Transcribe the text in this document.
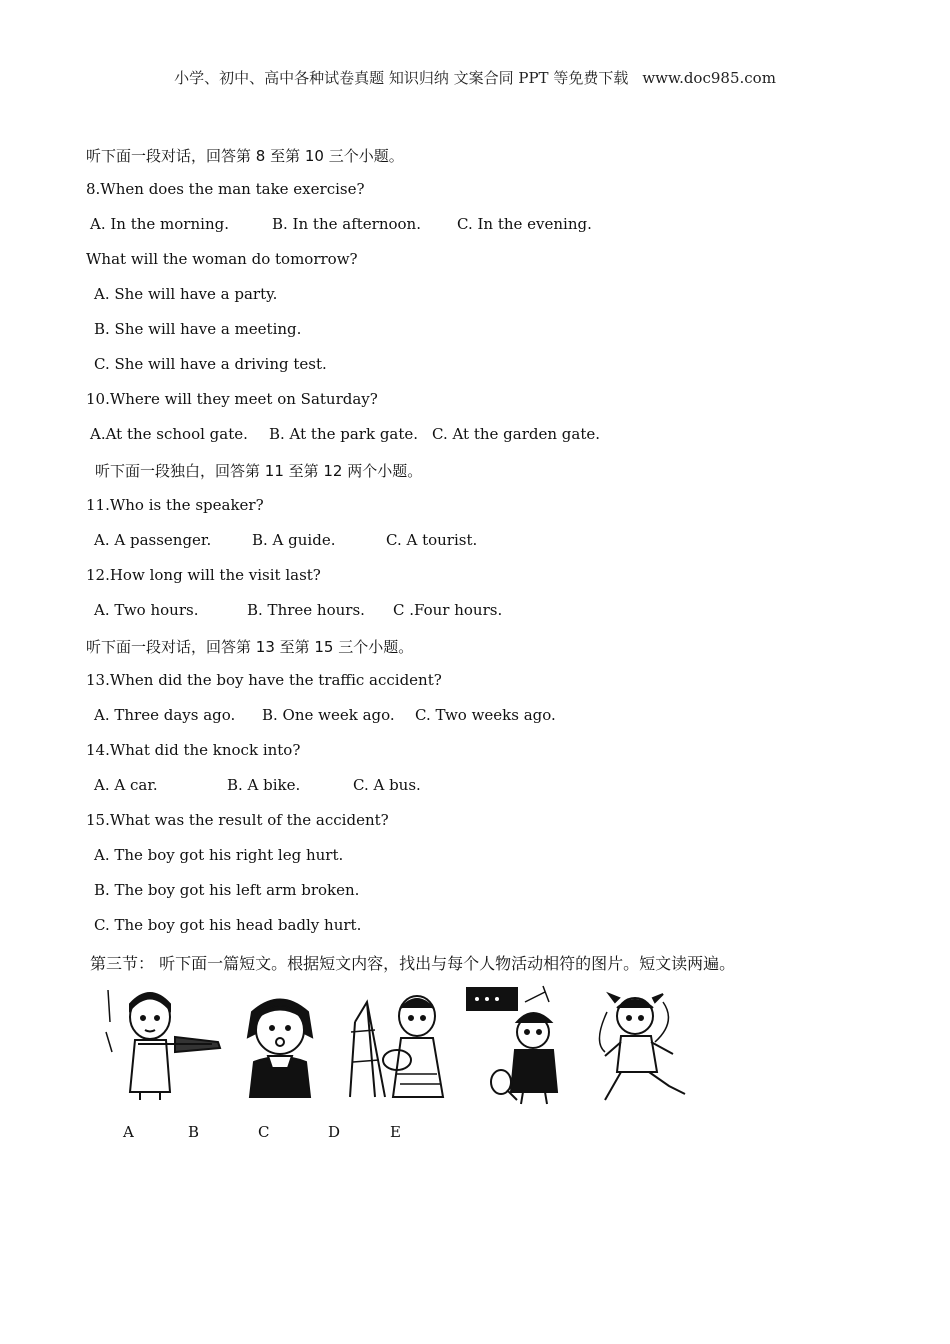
小学、初中、高中各种试卷真题 知识归纳 文案合同 PPT 等免费下载 www.doc985.com
听下面一段对话，回答第 8 至第 10 三个小题。
8.When does the man take exercise?
A. In the morning.	B. In the afternoon. C. In the evening.
What will the woman do tomorrow?
A. She will have a party.
B. She will have a meeting.
C. She will have a driving test.
10.Where will they meet on Saturday?
A.At the school gate. B. At the park gate. C. At the garden gate.
听下面一段独白，回答第 11 至第 12 两个小题。
11.Who is the speaker?
A. A passenger.	B. A guide.	C. A tourist.
12.How long will the visit last?
A. Two hours.	B. Three hours. C .Four hours.
听下面一段对话，回答第 13 至第 15 三个小题。
13.When did the boy have the traffic accident?
A. Three days ago. B. One week ago. C. Two weeks ago.
14.What did the knock into?
A. A car.	B. A bike.	C. A bus.
15.What was the result of the accident?
A. The boy got his right leg hurt.
B. The boy got his left arm broken.
C. The boy got his head badly hurt.
第三节： 听下面一篇短文。根据短文内容，找出与每个人物活动相符的图片。短文读两遍。
A	B	C	D	E
